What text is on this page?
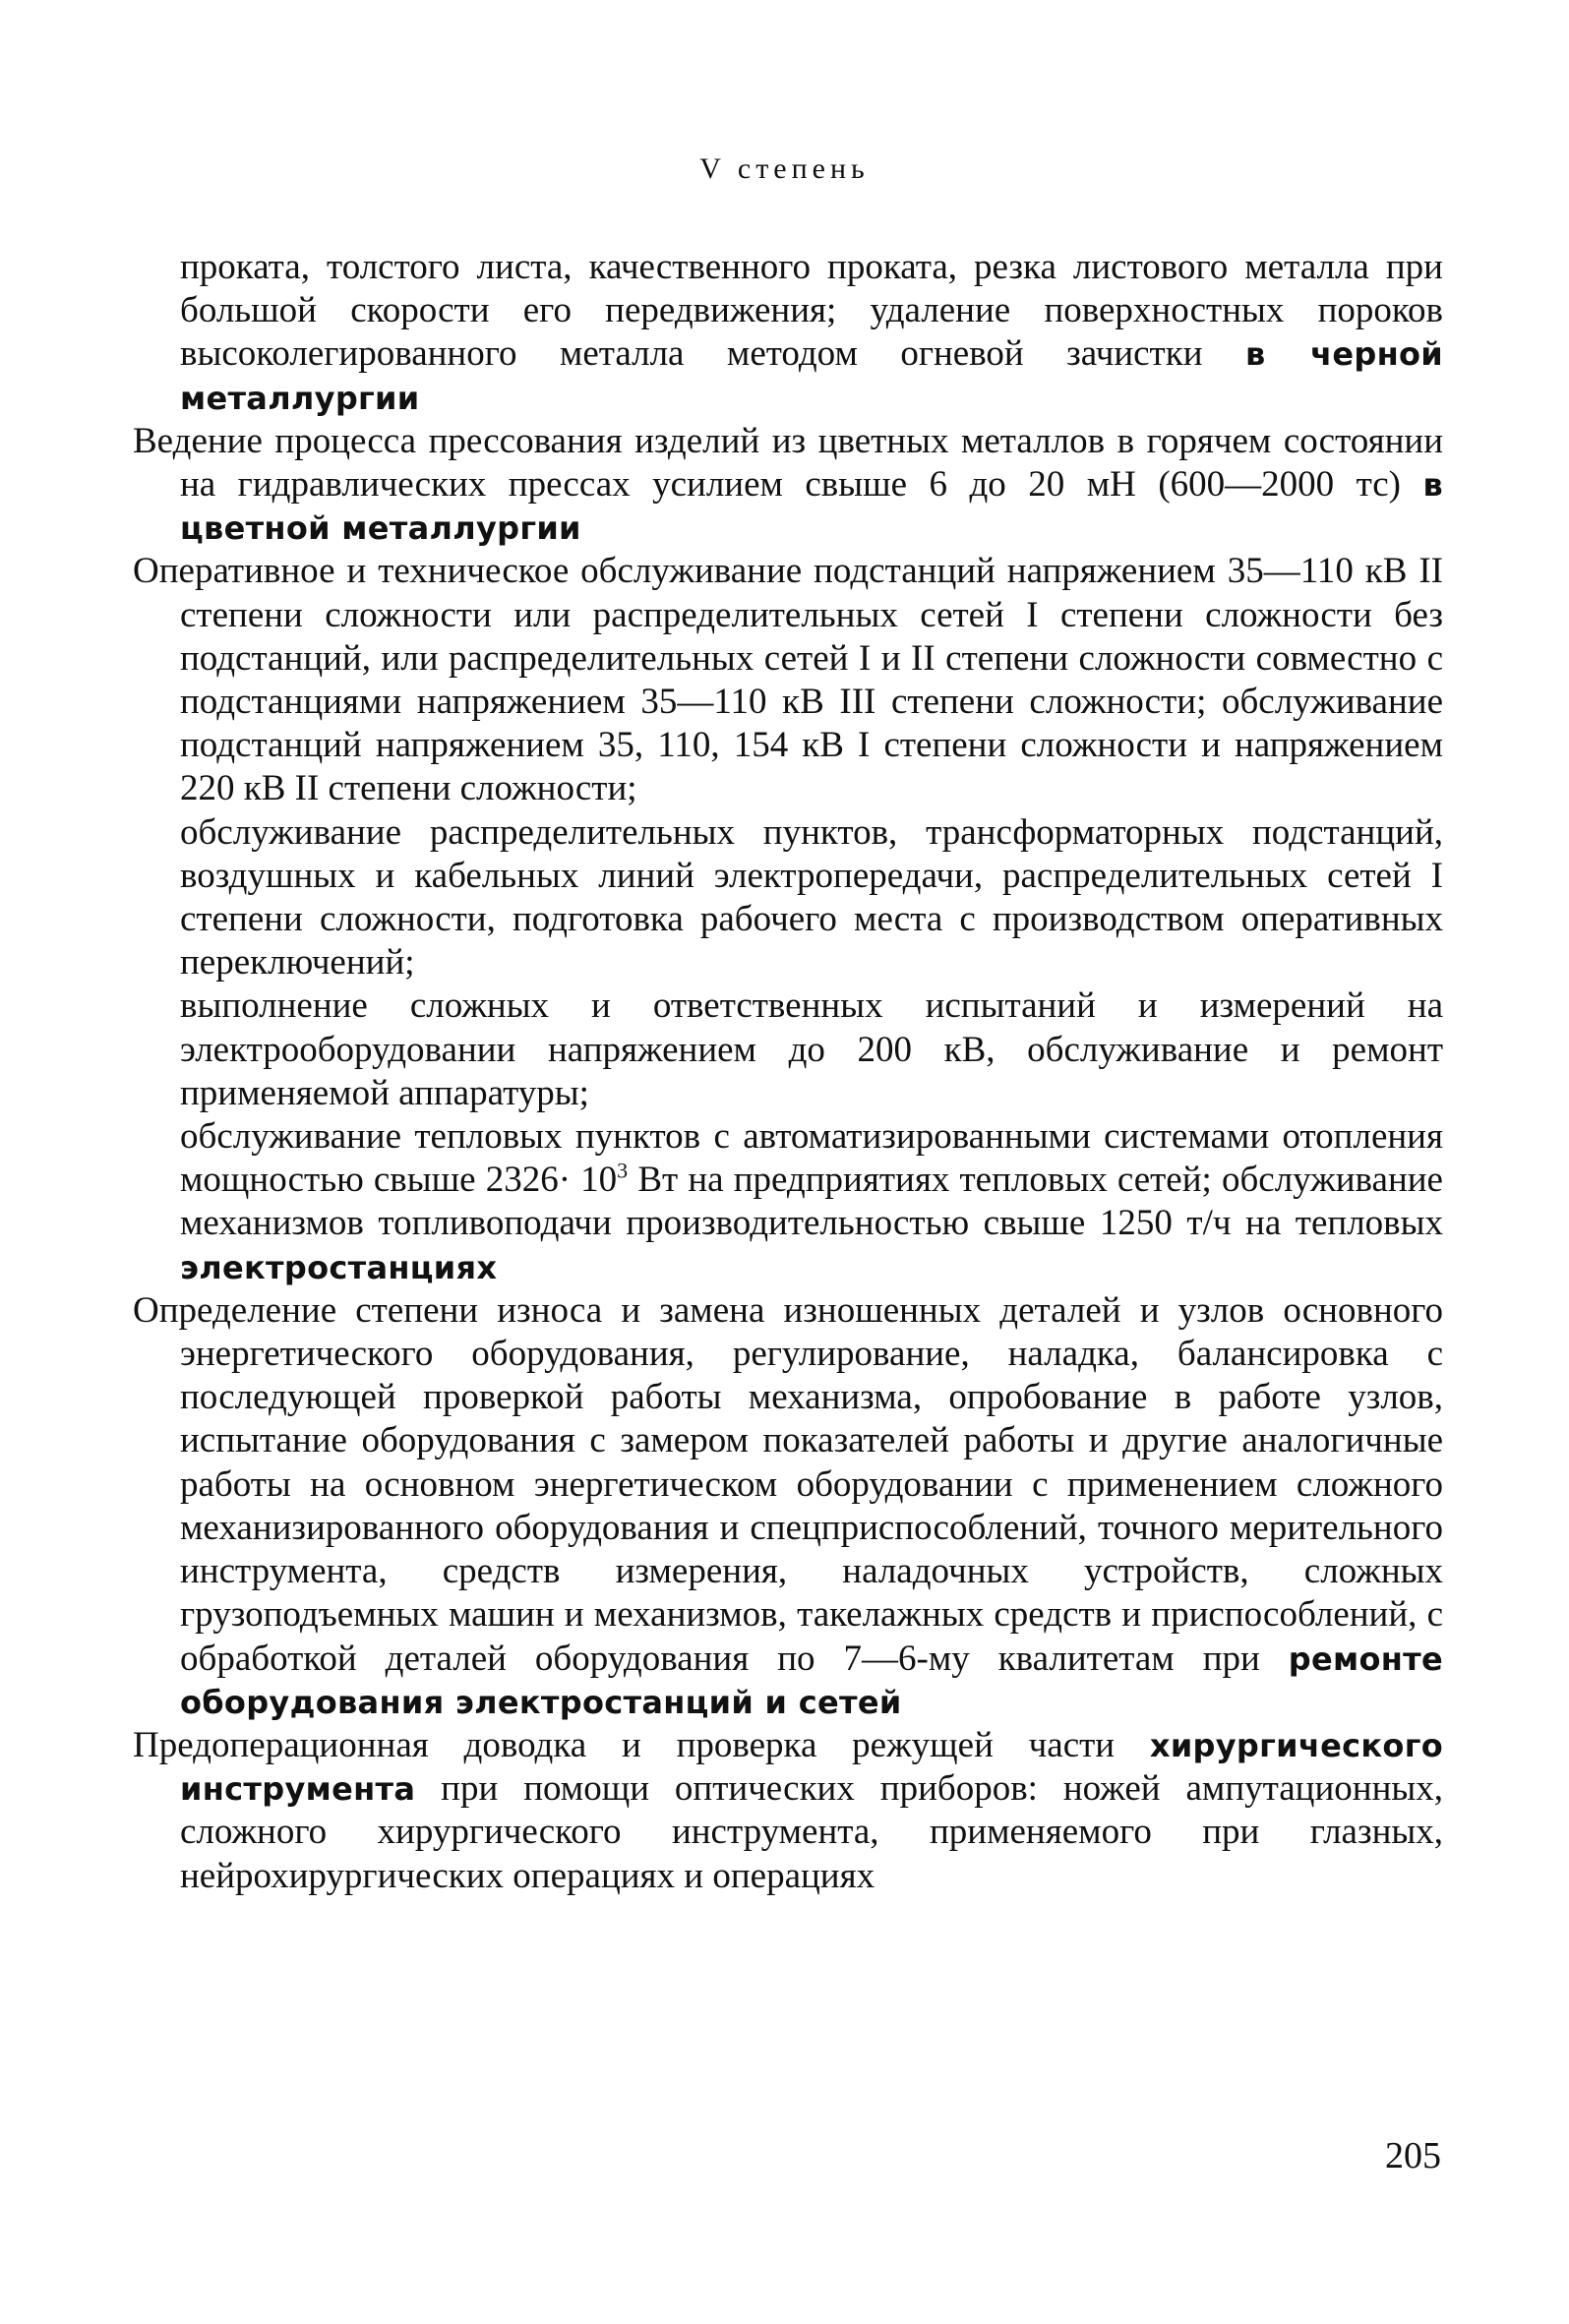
V степень

проката, толстого листа, качественного проката, резка листового металла при большой скорости его передвижения; удаление поверхностных пороков высоколегированного металла методом огневой зачистки в черной металлургии

Ведение процесса прессования изделий из цветных металлов в горячем состоянии на гидравлических прессах усилием свыше 6 до 20 мН (600—2000 тс) в цветной металлургии

Оперативное и техническое обслуживание подстанций напряжением 35—110 кВ II степени сложности или распределительных сетей I степени сложности без подстанций, или распределительных сетей I и II степени сложности совместно с подстанциями напряжением 35—110 кВ III степени сложности; обслуживание подстанций напряжением 35, 110, 154 кВ I степени сложности и напряжением 220 кВ II степени сложности;

обслуживание распределительных пунктов, трансформаторных подстанций, воздушных и кабельных линий электропередачи, распределительных сетей I степени сложности, подготовка рабочего места с производством оперативных переключений;

выполнение сложных и ответственных испытаний и измерений на электрооборудовании напряжением до 200 кВ, обслуживание и ремонт применяемой аппаратуры;

обслуживание тепловых пунктов с автоматизированными системами отопления мощностью свыше $2326\cdot 10^3$ Вт на предприятиях тепловых сетей; обслуживание механизмов топливоподачи производительностью свыше 1250 т/ч на тепловых электростанциях

Определение степени износа и замена изношенных деталей и узлов основного энергетического оборудования, регулирование, наладка, балансировка с последующей проверкой работы механизма, опробование в работе узлов, испытание оборудования с замером показателей работы и другие аналогичные работы на основном энергетическом оборудовании с применением сложного механизированного оборудования и спецприспособлений, точного мерительного инструмента, средств измерения, наладочных устройств, сложных грузоподъемных машин и механизмов, такелажных средств и приспособлений, с обработкой деталей оборудования по 7—6-му квалитетам при ремонте оборудования электростанций и сетей

Предоперационная доводка и проверка режущей части хирургического инструмента при помощи оптических приборов: ножей ампутационных, сложного хирургического инструмента, применяемого при глазных, нейрохирургических операциях и операциях

205
